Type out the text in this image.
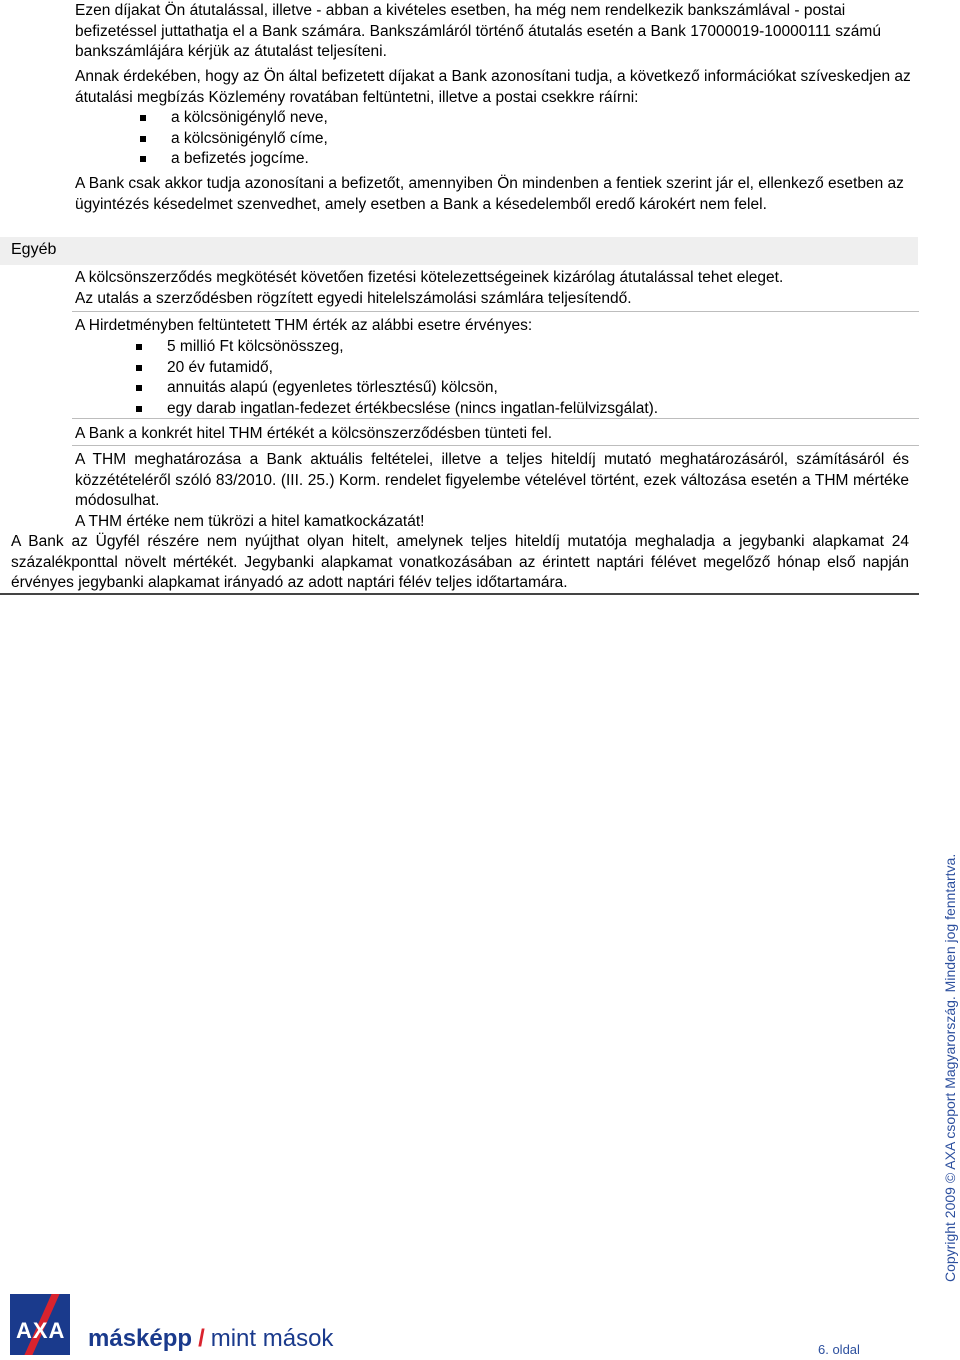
Ezen díjakat Ön átutalással, illetve - abban a kivételes esetben, ha még nem rendelkezik bankszámlával - postai befizetéssel juttathatja el a Bank számára. Bankszámláról történő átutalás esetén a Bank 17000019-10000111 számú bankszámlájára kérjük az átutalást teljesíteni.

Annak érdekében, hogy az Ön által befizetett díjakat a Bank azonosítani tudja, a következő információkat szíveskedjen az átutalási megbízás Közlemény rovatában feltüntetni, illetve a postai csekkre ráírni:

a kölcsönigénylő neve,
a kölcsönigénylő címe,
a befizetés jogcíme.

A Bank csak akkor tudja azonosítani a befizetőt, amennyiben Ön mindenben a fentiek szerint jár el, ellenkező esetben az ügyintézés késedelmet szenvedhet, amely esetben a Bank a késedelemből eredő károkért nem felel.

Egyéb

A kölcsönszerződés megkötését követően fizetési kötelezettségeinek kizárólag átutalással tehet eleget.

Az utalás a szerződésben rögzített egyedi hitelelszámolási számlára teljesítendő.

A Hirdetményben feltüntetett THM érték az alábbi esetre érvényes:

5 millió Ft kölcsönösszeg,
20 év futamidő,
annuitás alapú (egyenletes törlesztésű) kölcsön,
egy darab ingatlan-fedezet értékbecslése (nincs ingatlan-felülvizsgálat).

A Bank a konkrét hitel THM értékét a kölcsönszerződésben tünteti fel.

A THM meghatározása a Bank aktuális feltételei, illetve a teljes hiteldíj mutató meghatározásáról, számításáról és közzétételéről szóló 83/2010. (III. 25.) Korm. rendelet figyelembe vételével történt, ezek változása esetén a THM mértéke módosulhat.

A THM értéke nem tükrözi a hitel kamatkockázatát!

A Bank az Ügyfél részére nem nyújthat olyan hitelt, amelynek teljes hiteldíj mutatója meghaladja a jegybanki alapkamat 24 százalékponttal növelt mértékét. Jegybanki alapkamat vonatkozásában az érintett naptári félévet megelőző hónap első napján érvényes jegybanki alapkamat irányadó az adott naptári félév teljes időtartamára.

Copyright 2009 © AXA csoport Magyarország. Minden jog fenntartva.
AXA másképp / mint mások	6. oldal
